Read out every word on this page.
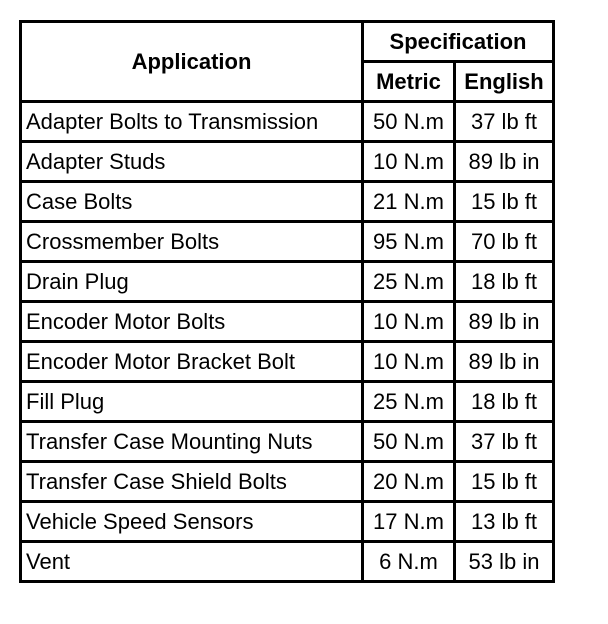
Application	Specification	
	Metric	English
Adapter Bolts to Transmission	50 N.m	37 lb ft
Adapter Studs	10 N.m	89 lb in
Case Bolts	21 N.m	15 lb ft
Crossmember Bolts	95 N.m	70 lb ft
Drain Plug	25 N.m	18 lb ft
Encoder Motor Bolts	10 N.m	89 lb in
Encoder Motor Bracket Bolt	10 N.m	89 lb in
Fill Plug	25 N.m	18 lb ft
Transfer Case Mounting Nuts	50 N.m	37 lb ft
Transfer Case Shield Bolts	20 N.m	15 lb ft
Vehicle Speed Sensors	17 N.m	13 lb ft
Vent	6 N.m	53 lb in
